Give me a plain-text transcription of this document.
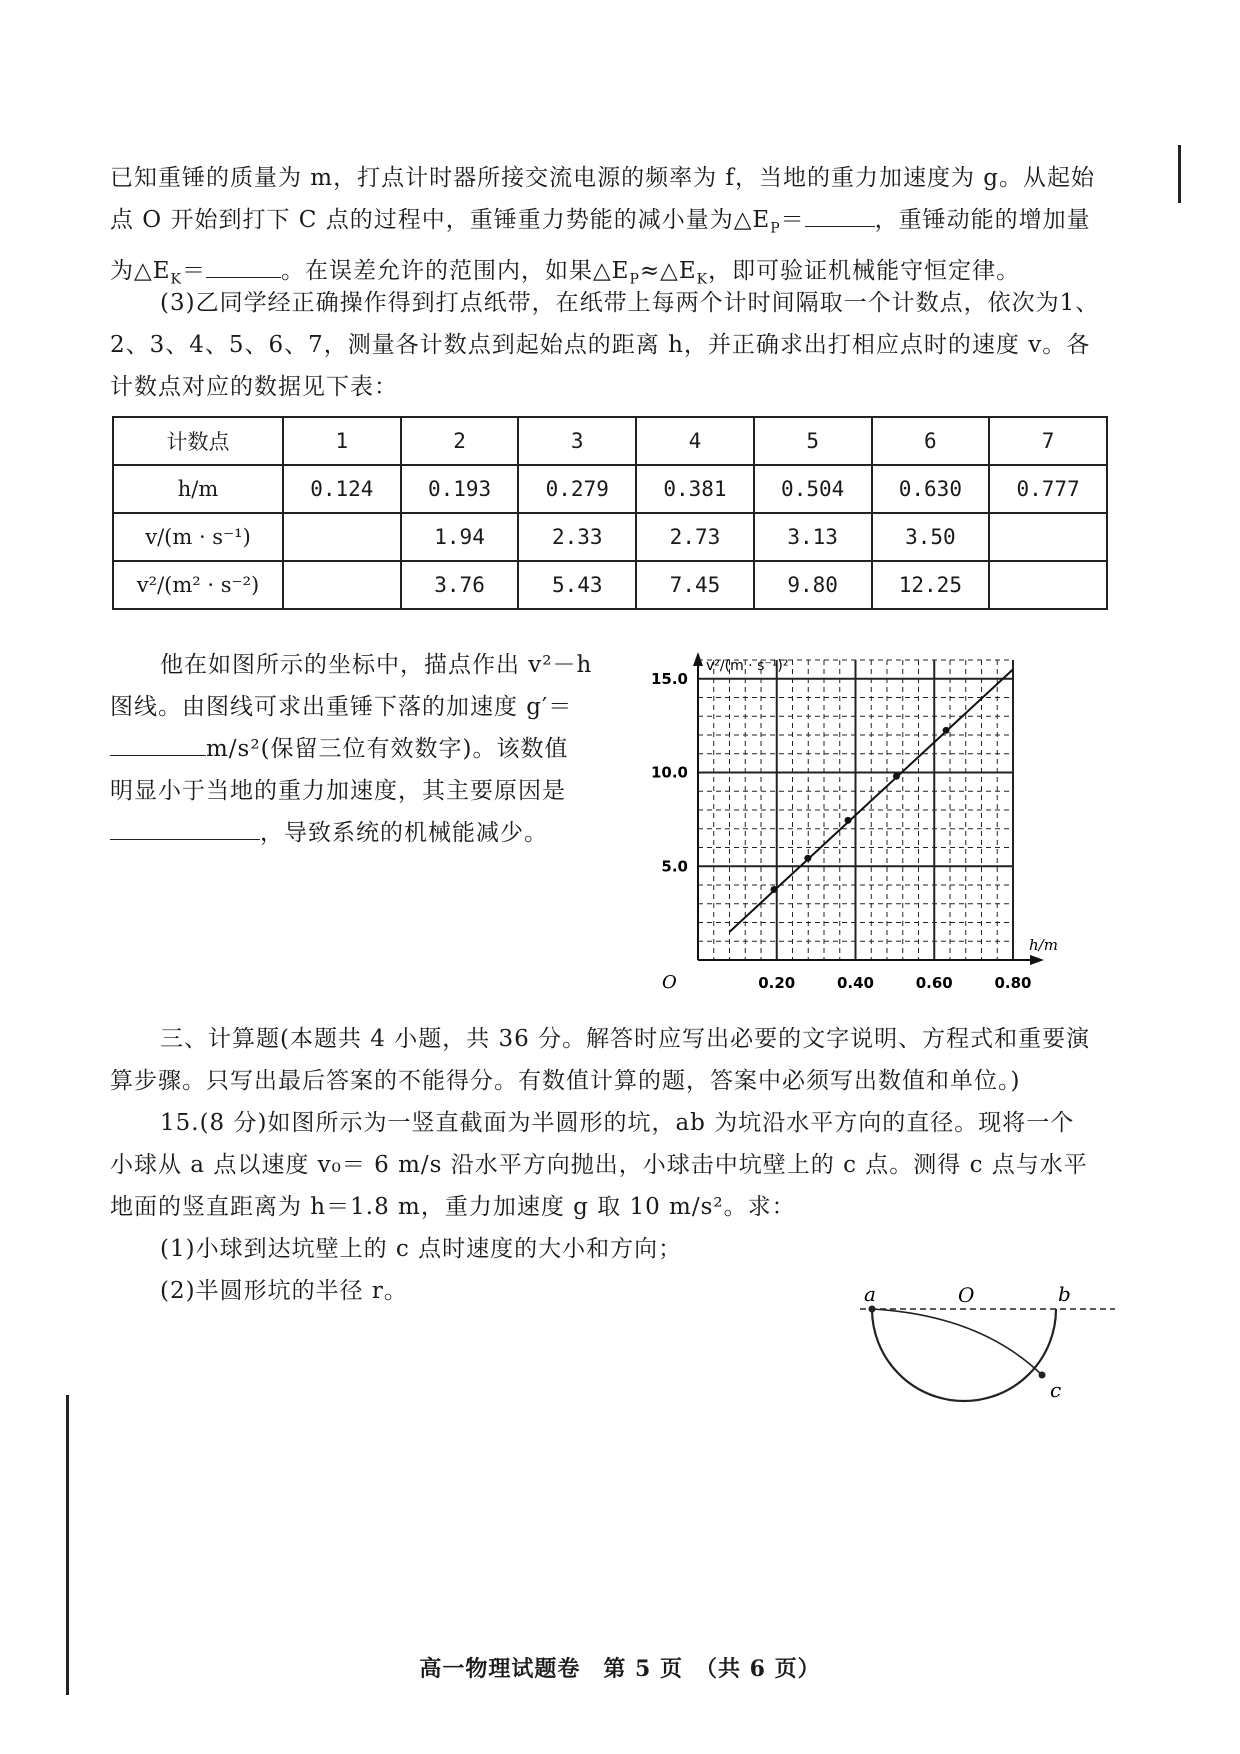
已知重锤的质量为 m，打点计时器所接交流电源的频率为 f，当地的重力加速度为 g。从起始
点 O 开始到打下 C 点的过程中，重锤重力势能的减小量为$\triangle E_P=$	，重锤动能的增加量
为$\triangle E_K=$	。在误差允许的范围内，如果$\triangle E_P\approx\triangle E_K$，即可验证机械能守恒定律。
(3)乙同学经正确操作得到打点纸带，在纸带上每两个计时间隔取一个计数点，依次为1、2、3、4、5、6、7，测量各计数点到起始点的距离 h，并正确求出打相应点时的速度 v。各计数点对应的数据见下表：
计数点	1	2	3	4	5	6	7
h/m	0.124	0.193	0.279	0.381	0.504	0.630	0.777
v/(m · s⁻¹)		1.94	2.33	2.73	3.13	3.50	
v²/(m² · s⁻²)		3.76	5.43	7.45	9.80	12.25	
他在如图所示的坐标中，描点作出 v²－h
图线。由图线可求出重锤下落的加速度 g′＝
m/s²(保留三位有效数字)。该数值
明显小于当地的重力加速度，其主要原因是
，导致系统的机械能减少。
v²/(m · s⁻¹)²
h/m
O	0.20	0.40	0.60	0.80
5.0
10.0
15.0
三、计算题(本题共 4 小题，共 36 分。解答时应写出必要的文字说明、方程式和重要演
算步骤。只写出最后答案的不能得分。有数值计算的题，答案中必须写出数值和单位。)
15.(8 分)如图所示为一竖直截面为半圆形的坑，ab 为坑沿水平方向的直径。现将一个
小球从 a 点以速度 v₀＝ 6 m/s 沿水平方向抛出，小球击中坑壁上的 c 点。测得 c 点与水平
地面的竖直距离为 h＝1.8 m，重力加速度 g 取 10 m/s²。求：
(1)小球到达坑壁上的 c 点时速度的大小和方向；
(2)半圆形坑的半径 r。	a	O	b
c
高一物理试题卷　第 5 页　（共 6 页）
